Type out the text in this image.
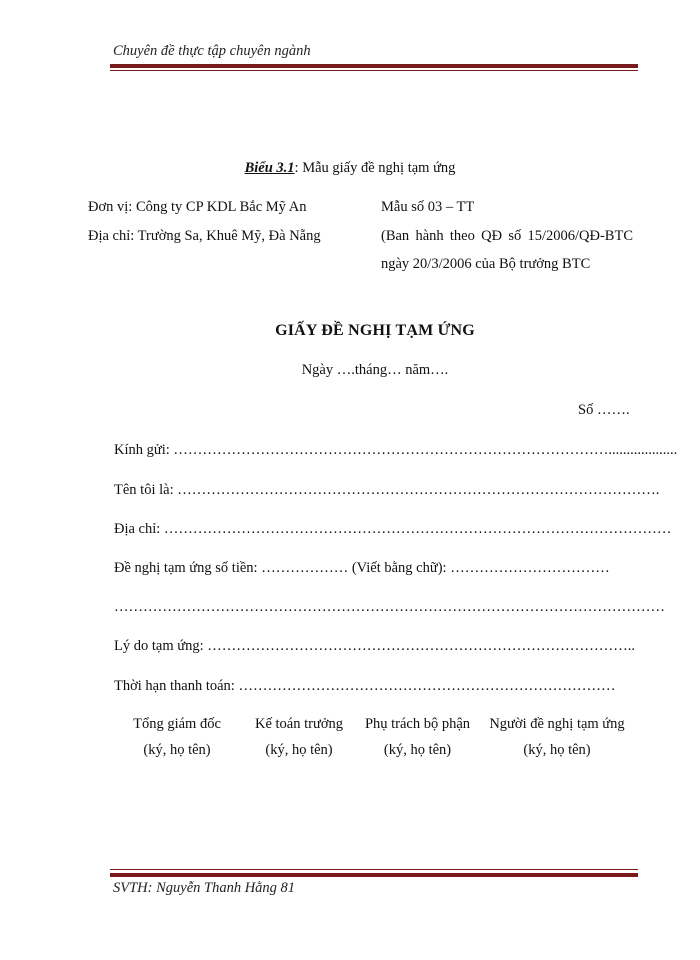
Chuyên đề thực tập chuyên ngành
Biểu 3.1: Mẫu giấy đề nghị tạm ứng
Đơn vị: Công ty CP KDL Bắc Mỹ An
Địa chỉ: Trường Sa, Khuê Mỹ, Đà Nẵng
Mẫu số 03 – TT
(Ban hành theo QĐ số 15/2006/QĐ-BTC
ngày 20/3/2006 của Bộ trưởng BTC
GIẤY ĐỀ NGHỊ TẠM ỨNG
Ngày ….tháng… năm….
Số …….
Kính gửi: ………………………………………………………………………………...................
Tên tôi là: ……………………………………………………………………………………….
Địa chỉ: ……………………………………………………………………………………………
Đề nghị tạm ứng số tiền: ……………… (Viết bằng chữ): ……………………………
……………………………………………………………………………………………………
Lý do tạm ứng: ……………………………………………………………………………..
Thời hạn thanh toán: ……………………………………………………………………
Tổng giám đốc
(ký, họ tên)
Kế toán trưởng
(ký, họ tên)
Phụ trách bộ phận
(ký, họ tên)
Người đề nghị tạm ứng
(ký, họ tên)
SVTH: Nguyễn Thanh Hằng 81
